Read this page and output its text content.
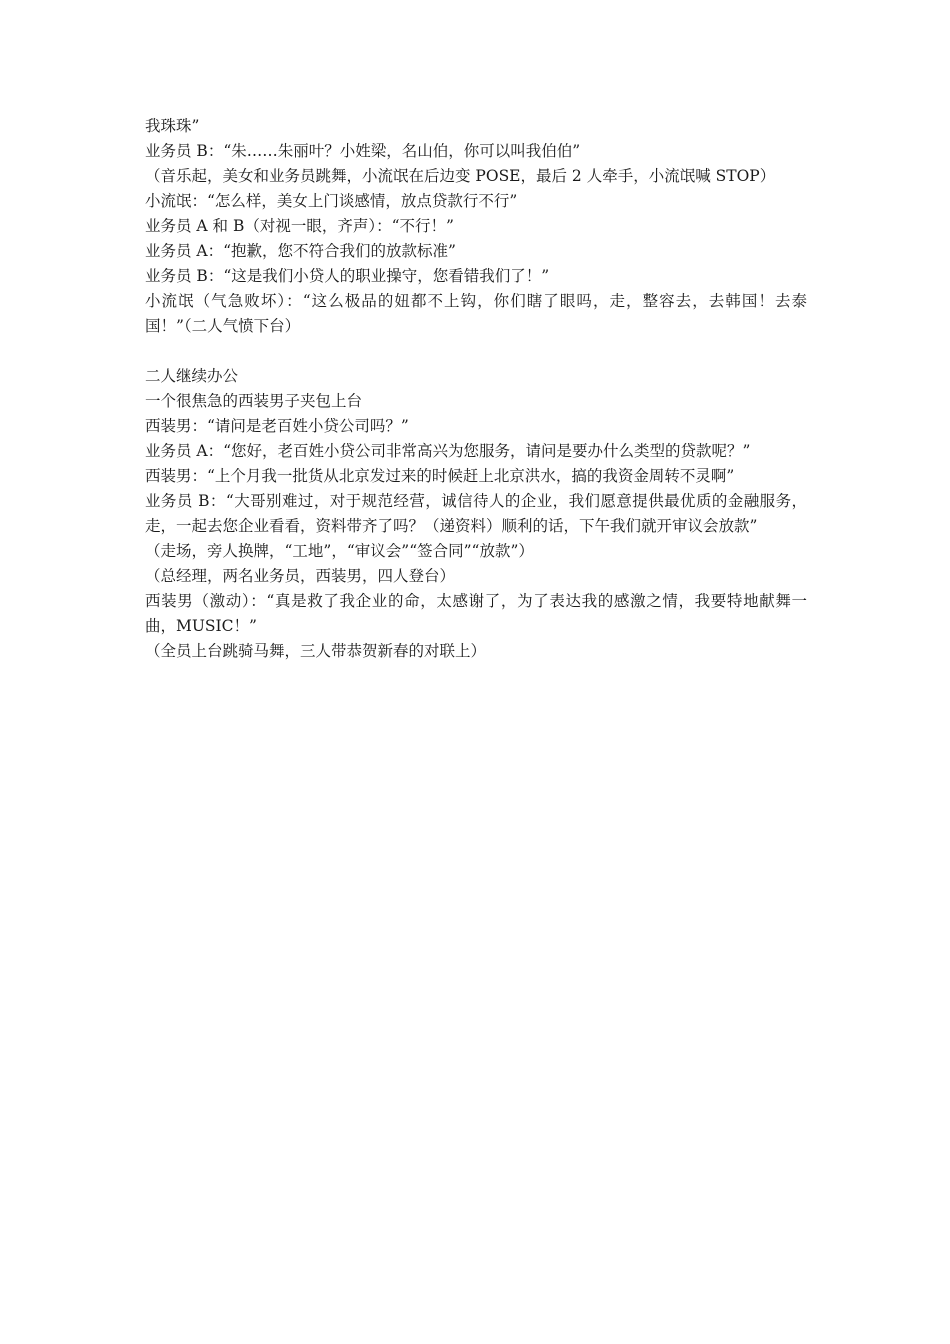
我珠珠”

业务员 B：“朱……朱丽叶？小姓梁，名山伯，你可以叫我伯伯”

（音乐起，美女和业务员跳舞，小流氓在后边变 POSE，最后 2 人牵手，小流氓喊 STOP）

小流氓：“怎么样，美女上门谈感情，放点贷款行不行”

业务员 A 和 B（对视一眼，齐声）：“不行！”

业务员 A：“抱歉，您不符合我们的放款标准”

业务员 B：“这是我们小贷人的职业操守，您看错我们了！”

小流氓（气急败坏）：“这么极品的妞都不上钩，你们瞎了眼吗，走，整容去，去韩国！去泰国！”（二人气愤下台）

二人继续办公

一个很焦急的西装男子夹包上台

西装男：“请问是老百姓小贷公司吗？”

业务员 A：“您好，老百姓小贷公司非常高兴为您服务，请问是要办什么类型的贷款呢？”

西装男：“上个月我一批货从北京发过来的时候赶上北京洪水，搞的我资金周转不灵啊”

业务员 B：“大哥别难过，对于规范经营，诚信待人的企业，我们愿意提供最优质的金融服务，走，一起去您企业看看，资料带齐了吗？（递资料）顺利的话，下午我们就开审议会放款”

（走场，旁人换牌，“工地”，“审议会”“签合同”“放款”）

（总经理，两名业务员，西装男，四人登台）

西装男（激动）：“真是救了我企业的命，太感谢了，为了表达我的感激之情，我要特地献舞一曲，MUSIC！”

（全员上台跳骑马舞，三人带恭贺新春的对联上）
